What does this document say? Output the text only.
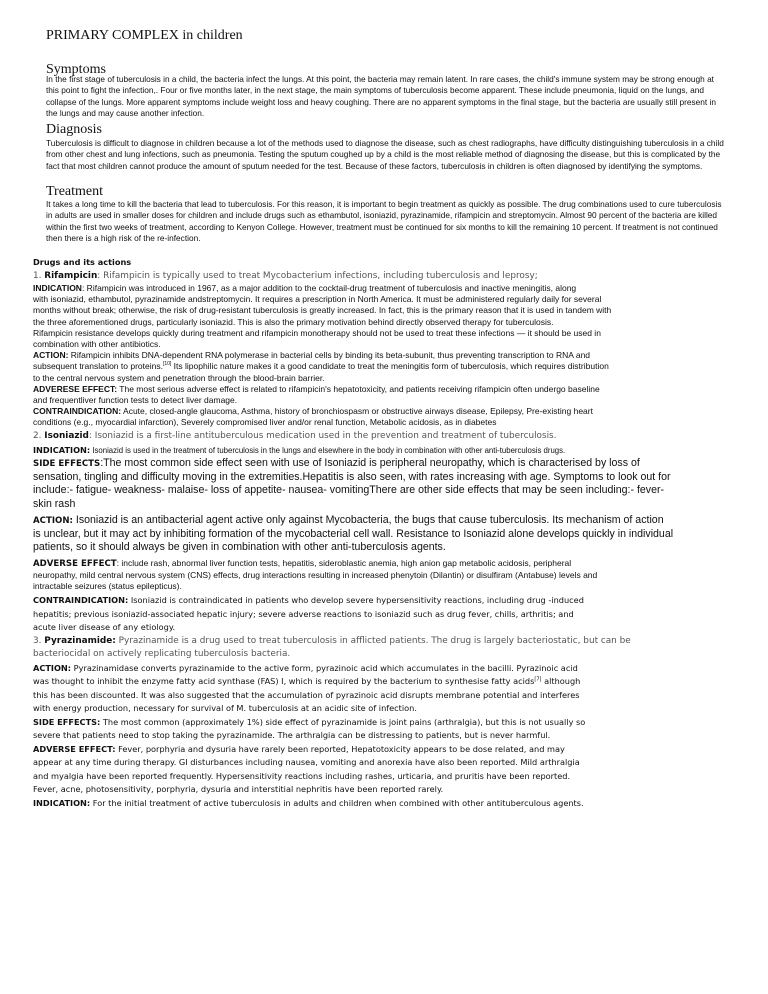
PRIMARY COMPLEX in children
Symptoms

In the first stage of tuberculosis in a child, the bacteria infect the lungs. At this point, the bacteria may remain latent. In rare cases, the child's immune system may be strong enough at this point to fight the infection,. Four or five months later, in the next stage, the main symptoms of tuberculosis become apparent. These include pneumonia, liquid on the lungs, and collapse of the lungs. More apparent symptoms include weight loss and heavy coughing. There are no apparent symptoms in the final stage, but the bacteria are usually still present in the lungs and may cause another infection.

Diagnosis

Tuberculosis is difficult to diagnose in children because a lot of the methods used to diagnose the disease, such as chest radiographs, have difficulty distinguishing tuberculosis in a child from other chest and lung infections, such as pneumonia. Testing the sputum coughed up by a child is the most reliable method of diagnosing the disease, but this is complicated by the fact that most children cannot produce the amount of sputum needed for the test. Because of these factors, tuberculosis in children is often diagnosed by identifying the symptoms.

Treatment

It takes a long time to kill the bacteria that lead to tuberculosis. For this reason, it is important to begin treatment as quickly as possible. The drug combinations used to cure tuberculosis in adults are used in smaller doses for children and include drugs such as ethambutol, isoniazid, pyrazinamide, rifampicin and streptomycin. Almost 90 percent of the bacteria are killed within the first two weeks of treatment, according to Kenyon College. However, treatment must be continued for six months to kill the remaining 10 percent. If treatment is not continued then there is a high risk of the re-infection.

Drugs and its actions
1. Rifampicin: Rifampicin is typically used to treat Mycobacterium infections, including tuberculosis and leprosy;
INDICATION: Rifampicin was introduced in 1967, as a major addition to the cocktail-drug treatment of tuberculosis and inactive meningitis, along
with isoniazid, ethambutol, pyrazinamide andstreptomycin. It requires a prescription in North America. It must be administered regularly daily for several
months without break; otherwise, the risk of drug-resistant tuberculosis is greatly increased. In fact, this is the primary reason that it is used in tandem with
the three aforementioned drugs, particularly isoniazid. This is also the primary motivation behind directly observed therapy for tuberculosis.
Rifampicin resistance develops quickly during treatment and rifampicin monotherapy should not be used to treat these infections — it should be used in
combination with other antibiotics.
ACTION: Rifampicin inhibits DNA-dependent RNA polymerase in bacterial cells by binding its beta-subunit, thus preventing transcription to RNA and
subsequent translation to proteins.[10] Its lipophilic nature makes it a good candidate to treat the meningitis form of tuberculosis, which requires distribution
to the central nervous system and penetration through the blood-brain barrier.
ADVERESE EFFECT: The most serious adverse effect is related to rifampicin's hepatotoxicity, and patients receiving rifampicin often undergo baseline
and frequentliver function tests to detect liver damage.
CONTRAINDICATION: Acute, closed-angle glaucoma, Asthma, history of bronchiospasm or obstructive airways disease, Epilepsy, Pre-existing heart
conditions (e.g., myocardial infarction), Severely compromised liver and/or renal function, Metabolic acidosis, as in diabetes
2. Isoniazid: Isoniazid is a first-line antituberculous medication used in the prevention and treatment of tuberculosis.
INDICATION: Isoniazid is used in the treatment of tuberculosis in the lungs and elsewhere in the body in combination with other anti-tuberculosis drugs.
SIDE EFFECTS:The most common side effect seen with use of Isoniazid is peripheral neuropathy, which is characterised by loss of
sensation, tingling and difficulty moving in the extremities.Hepatitis is also seen, with rates increasing with age. Symptoms to look out for
include:- fatigue- weakness- malaise- loss of appetite- nausea- vomitingThere are other side effects that may be seen including:- fever-
skin rash
ACTION: Isoniazid is an antibacterial agent active only against Mycobacteria, the bugs that cause tuberculosis. Its mechanism of action
is unclear, but it may act by inhibiting formation of the mycobacterial cell wall. Resistance to Isoniazid alone develops quickly in individual
patients, so it should always be given in combination with other anti-tuberculosis agents.
ADVERSE EFFECT: include rash, abnormal liver function tests, hepatitis, sideroblastic anemia, high anion gap metabolic acidosis, peripheral
neuropathy, mild central nervous system (CNS) effects, drug interactions resulting in increased phenytoin (Dilantin) or disulfiram (Antabuse) levels and
intractable seizures (status epilepticus).
CONTRAINDICATION: Isoniazid is contraindicated in patients who develop severe hypersensitivity reactions, including drug -induced
hepatitis; previous isoniazid-associated hepatic injury; severe adverse reactions to isoniazid such as drug fever, chills, arthritis; and
acute liver disease of any etiology.
3. Pyrazinamide: Pyrazinamide is a drug used to treat tuberculosis in afflicted patients. The drug is largely bacteriostatic, but can be
bacteriocidal on actively replicating tuberculosis bacteria.
ACTION: Pyrazinamidase converts pyrazinamide to the active form, pyrazinoic acid which accumulates in the bacilli. Pyrazinoic acid
was thought to inhibit the enzyme fatty acid synthase (FAS) I, which is required by the bacterium to synthesise fatty acids[7] although
this has been discounted. It was also suggested that the accumulation of pyrazinoic acid disrupts membrane potential and interferes
with energy production, necessary for survival of M. tuberculosis at an acidic site of infection.
SIDE EFFECTS: The most common (approximately 1%) side effect of pyrazinamide is joint pains (arthralgia), but this is not usually so
severe that patients need to stop taking the pyrazinamide. The arthralgia can be distressing to patients, but is never harmful.
ADVERSE EFFECT: Fever, porphyria and dysuria have rarely been reported, Hepatotoxicity appears to be dose related, and may
appear at any time during therapy. GI disturbances including nausea, vomiting and anorexia have also been reported. Mild arthralgia
and myalgia have been reported frequently. Hypersensitivity reactions including rashes, urticaria, and pruritis have been reported.
Fever, acne, photosensitivity, porphyria, dysuria and interstitial nephritis have been reported rarely.
INDICATION: For the initial treatment of active tuberculosis in adults and children when combined with other antituberculous agents.
